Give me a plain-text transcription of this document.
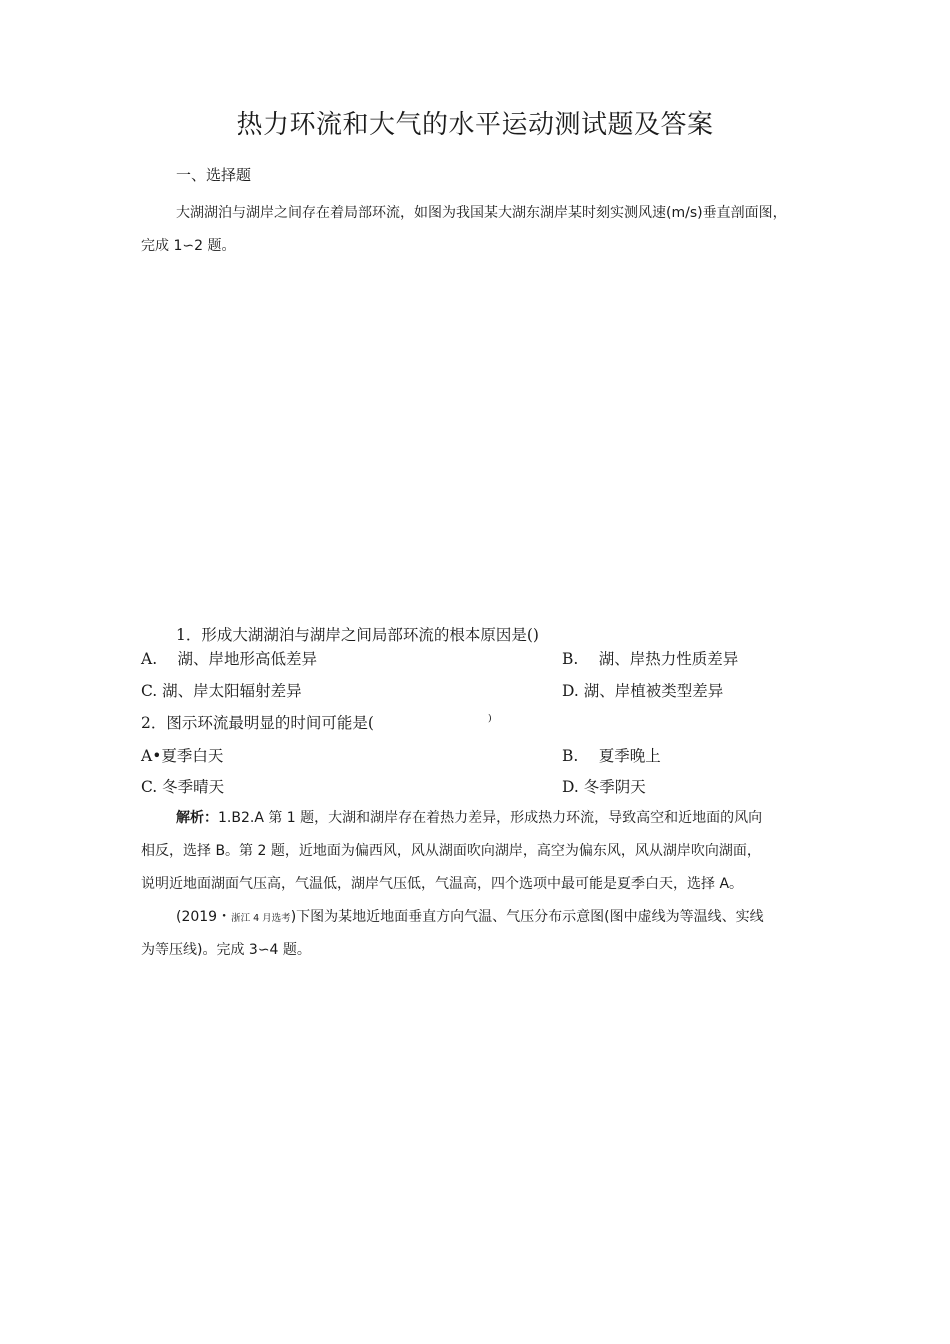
热力环流和大气的水平运动测试题及答案
一、选择题
大湖湖泊与湖岸之间存在着局部环流，如图为我国某大湖东湖岸某时刻实测风速(m/s)垂直剖面图，
完成 1∽2 题。
1．形成大湖湖泊与湖岸之间局部环流的根本原因是()
A.　 湖、岸地形高低差异	B.　 湖、岸热力性质差异
C. 湖、岸太阳辐射差异	D. 湖、岸植被类型差异
2．图示环流最明显的时间可能是(	)
A•夏季白天	B.　 夏季晚上
C. 冬季晴天	D. 冬季阴天
解析：1.B2.A 第 1 题，大湖和湖岸存在着热力差异，形成热力环流，导致高空和近地面的风向
相反，选择 B。第 2 题，近地面为偏西风，风从湖面吹向湖岸，高空为偏东风，风从湖岸吹向湖面，
说明近地面湖面气压高，气温低，湖岸气压低，气温高，四个选项中最可能是夏季白天，选择 A。
(2019・浙江 4 月选考)下图为某地近地面垂直方向气温、气压分布示意图(图中虚线为等温线、实线
为等压线)。完成 3∽4 题。
